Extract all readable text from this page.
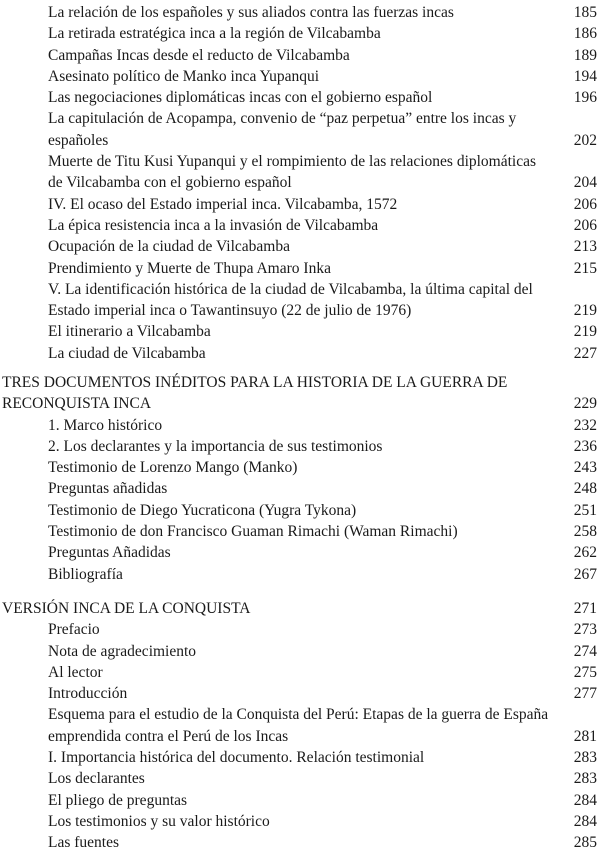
La relación de los españoles y sus aliados contra las fuerzas incas	185
La retirada estratégica inca a la región de Vilcabamba	186
Campañas Incas desde el reducto de Vilcabamba	189
Asesinato político de Manko inca Yupanqui	194
Las negociaciones diplomáticas incas con el gobierno español	196
La capitulación de Acopampa, convenio de “paz perpetua” entre los incas y españoles	202
Muerte de Titu Kusi Yupanqui y el rompimiento de las relaciones diplomáticas de Vilcabamba con el gobierno español	204
IV. El ocaso del Estado imperial inca. Vilcabamba, 1572	206
La épica resistencia inca a la invasión de Vilcabamba	206
Ocupación de la ciudad de Vilcabamba	213
Prendimiento y Muerte de Thupa Amaro Inka	215
V. La identificación histórica de la ciudad de Vilcabamba, la última capital del Estado imperial inca o Tawantinsuyo (22 de julio de 1976)	219
El itinerario a Vilcabamba	219
La ciudad de Vilcabamba	227
TRES DOCUMENTOS INÉDITOS PARA LA HISTORIA DE LA GUERRA DE RECONQUISTA INCA	229
1. Marco histórico	232
2. Los declarantes y la importancia de sus testimonios	236
Testimonio de Lorenzo Mango (Manko)	243
Preguntas añadidas	248
Testimonio de Diego Yucraticona (Yugra Tykona)	251
Testimonio de don Francisco Guaman Rimachi (Waman Rimachi)	258
Preguntas Añadidas	262
Bibliografía	267
VERSIÓN INCA DE LA CONQUISTA	271
Prefacio	273
Nota de agradecimiento	274
Al lector	275
Introducción	277
Esquema para el estudio de la Conquista del Perú: Etapas de la guerra de España emprendida contra el Perú de los Incas	281
I. Importancia histórica del documento. Relación testimonial	283
Los declarantes	283
El pliego de preguntas	284
Los testimonios y su valor histórico	284
Las fuentes	285
